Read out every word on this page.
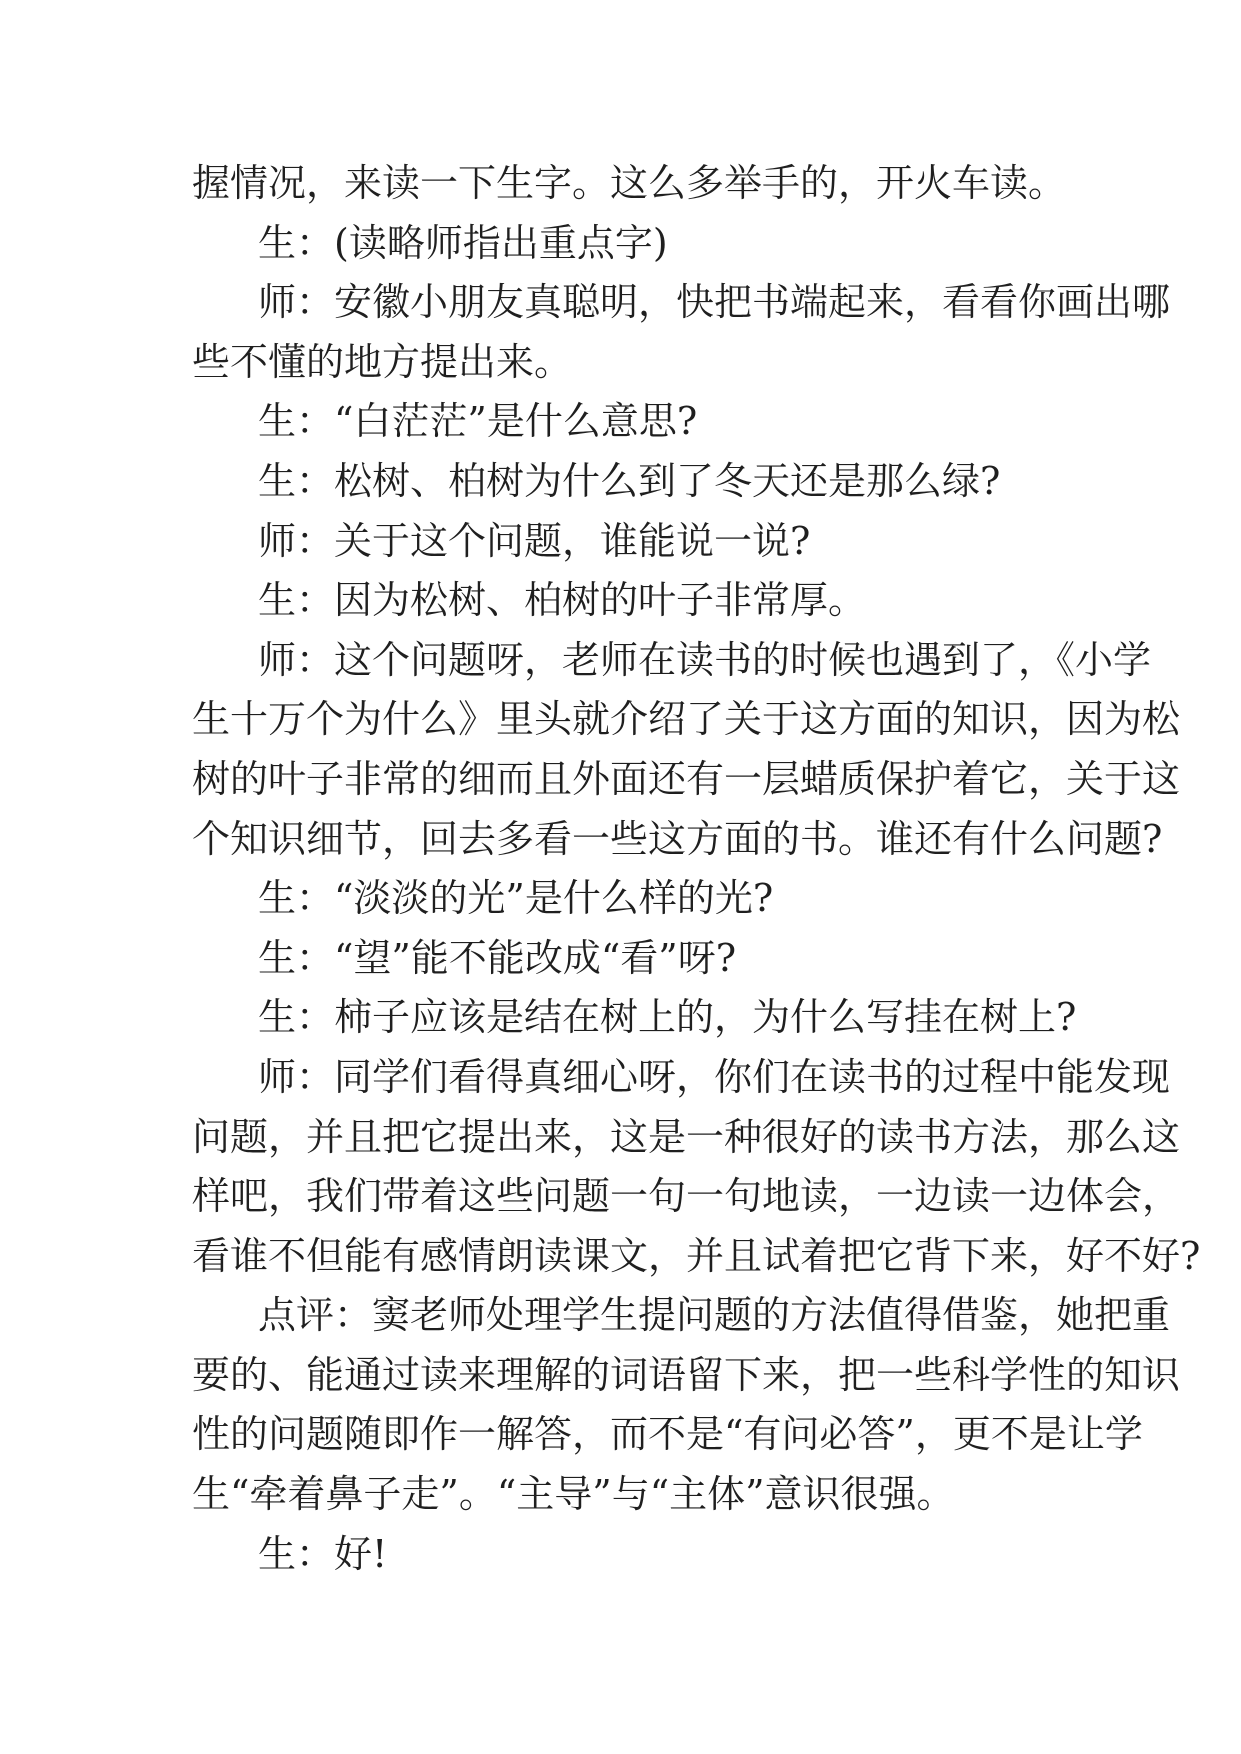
握情况，来读一下生字。这么多举手的，开火车读。
生：(读略师指出重点字)
师：安徽小朋友真聪明，快把书端起来，看看你画出哪
些不懂的地方提出来。
生：“白茫茫”是什么意思?
生：松树、柏树为什么到了冬天还是那么绿?
师：关于这个问题，谁能说一说?
生：因为松树、柏树的叶子非常厚。
师：这个问题呀，老师在读书的时候也遇到了，《小学
生十万个为什么》里头就介绍了关于这方面的知识，因为松
树的叶子非常的细而且外面还有一层蜡质保护着它，关于这
个知识细节，回去多看一些这方面的书。谁还有什么问题?
生：“淡淡的光”是什么样的光?
生：“望”能不能改成“看”呀?
生：柿子应该是结在树上的，为什么写挂在树上?
师：同学们看得真细心呀，你们在读书的过程中能发现
问题，并且把它提出来，这是一种很好的读书方法，那么这
样吧，我们带着这些问题一句一句地读，一边读一边体会，
看谁不但能有感情朗读课文，并且试着把它背下来，好不好?
点评：窦老师处理学生提问题的方法值得借鉴，她把重
要的、能通过读来理解的词语留下来，把一些科学性的知识
性的问题随即作一解答，而不是“有问必答”，更不是让学
生“牵着鼻子走”。“主导”与“主体”意识很强。
生：好!
